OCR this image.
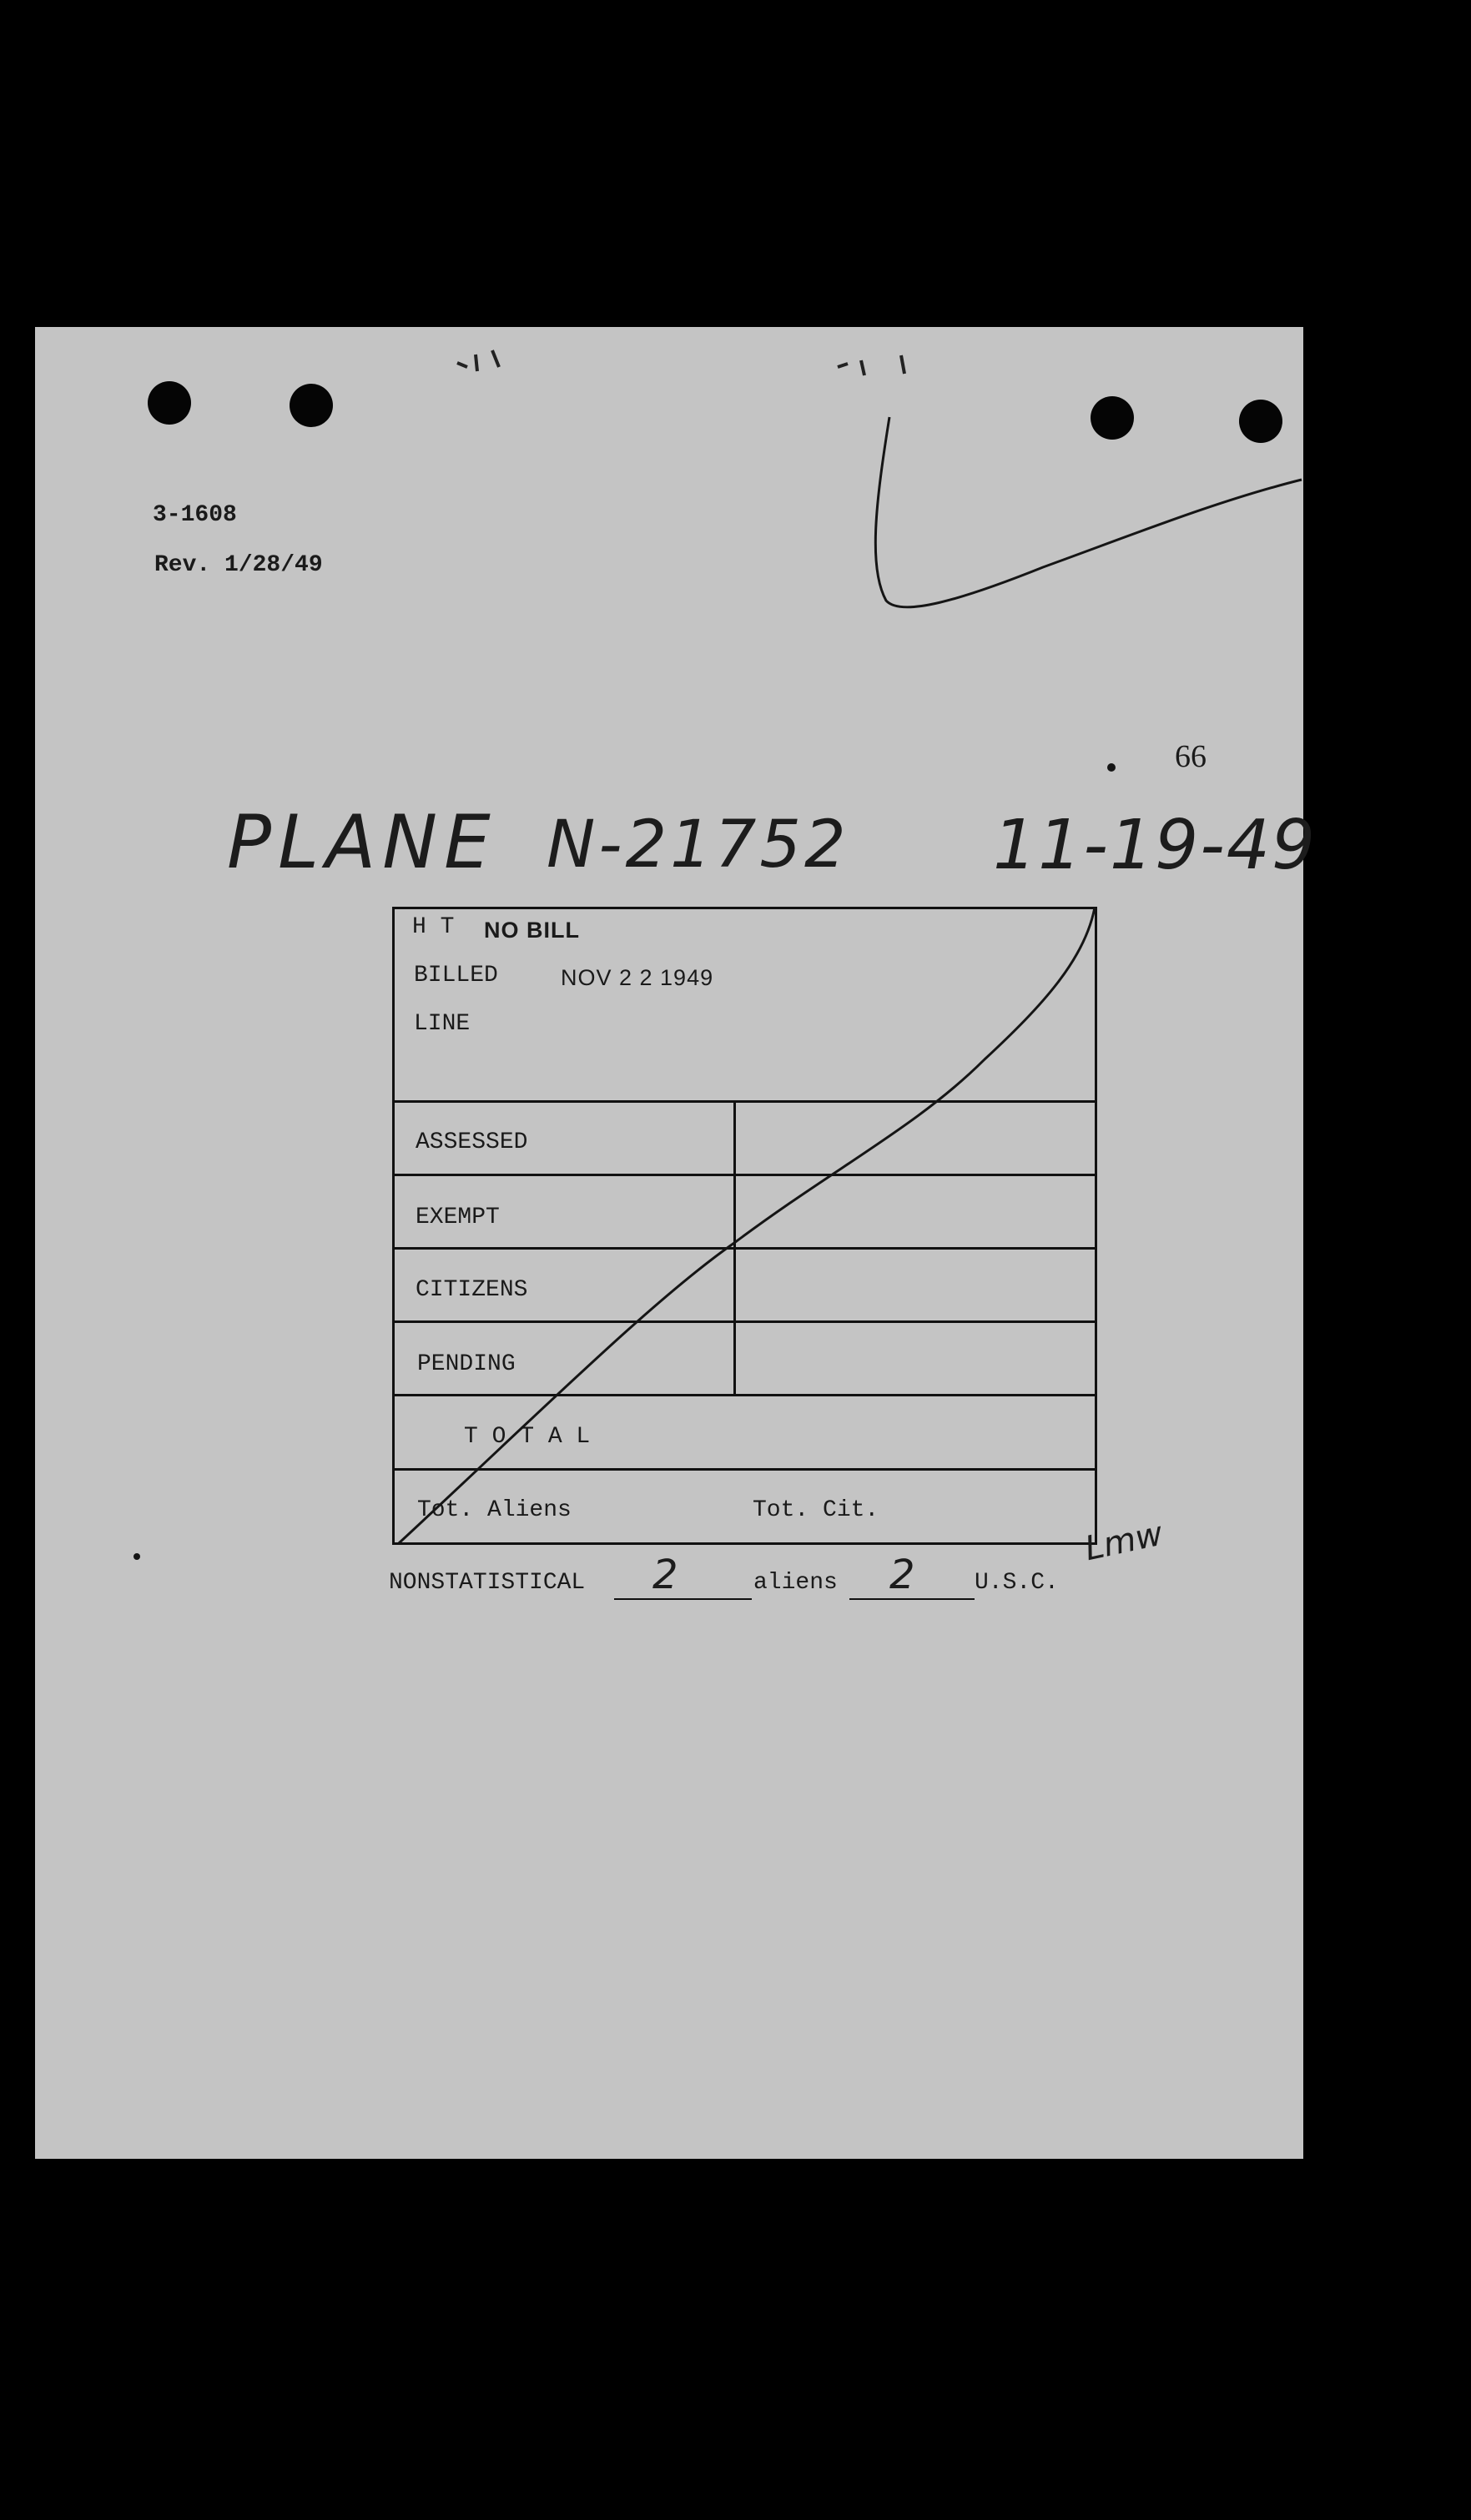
3-1608
Rev. 1/28/49
66
PLANE N-21752 11-19-49
H T NO BILL
BILLED	NOV 2 2 1949
LINE
ASSESSED
EXEMPT
CITIZENS
PENDING
T O T A L
Tot. Aliens	Tot. Cit.
NONSTATISTICAL 2	aliens 2	U.S.C.
Lmw
